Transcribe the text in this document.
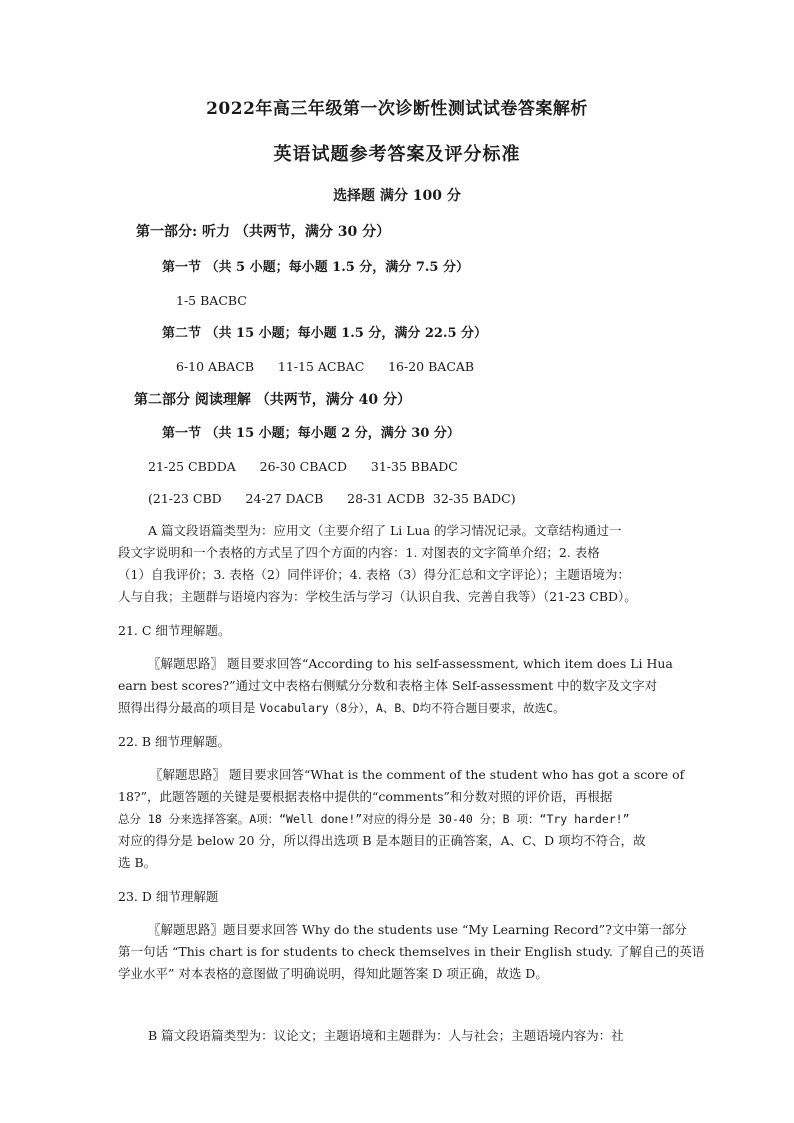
2022年高三年级第一次诊断性测试试卷答案解析
英语试题参考答案及评分标准
选择题 满分 100 分
第一部分: 听力 （共两节，满分 30 分）
第一节 （共 5 小题；每小题 1.5 分，满分 7.5 分）
1-5 BACBC
第二节 （共 15 小题；每小题 1.5 分，满分 22.5 分）
6-10 ABACB      11-15 ACBAC      16-20 BACAB
第二部分 阅读理解 （共两节，满分 40 分）
第一节 （共 15 小题；每小题 2 分，满分 30 分）
21-25 CBDDA      26-30 CBACD      31-35 BBADC
(21-23 CBD      24-27 DACB      28-31 ACDB  32-35 BADC)
A 篇文段语篇类型为：应用文（主要介绍了 Li Lua 的学习情况记录。文章结构通过一
段文字说明和一个表格的方式呈了四个方面的内容：1. 对图表的文字简单介绍；2. 表格
（1）自我评价；3. 表格（2）同伴评价；4. 表格（3）得分汇总和文字评论）；主题语境为：
人与自我；主题群与语境内容为：学校生活与学习（认识自我、完善自我等）（21-23 CBD）。
21. C 细节理解题。
〖解题思路〗 题目要求回答“According to his self-assessment, which item does Li Hua
earn best scores?”通过文中表格右侧赋分分数和表格主体 Self-assessment 中的数字及文字对
照得出得分最高的项目是 Vocabulary（8分），A、B、D均不符合题目要求，故选C。
22. B 细节理解题。
〖解题思路〗 题目要求回答“What is the comment of the student who has got a score of
18?”，此题答题的关键是要根据表格中提供的“comments”和分数对照的评价语，再根据
总分 18 分来选择答案。A项：“Well done!”对应的得分是 30-40 分；B 项：“Try harder!”
对应的得分是 below 20 分，所以得出选项 B 是本题目的正确答案，A、C、D 项均不符合，故
选 B。
23. D 细节理解题
〖解题思路〗题目要求回答 Why do the students use “My Learning Record”?文中第一部分
第一句话 “This chart is for students to check themselves in their English study. 了解自己的英语
学业水平” 对本表格的意图做了明确说明，得知此题答案 D 项正确，故选 D。
B 篇文段语篇类型为：议论文；主题语境和主题群为：人与社会；主题语境内容为：社
